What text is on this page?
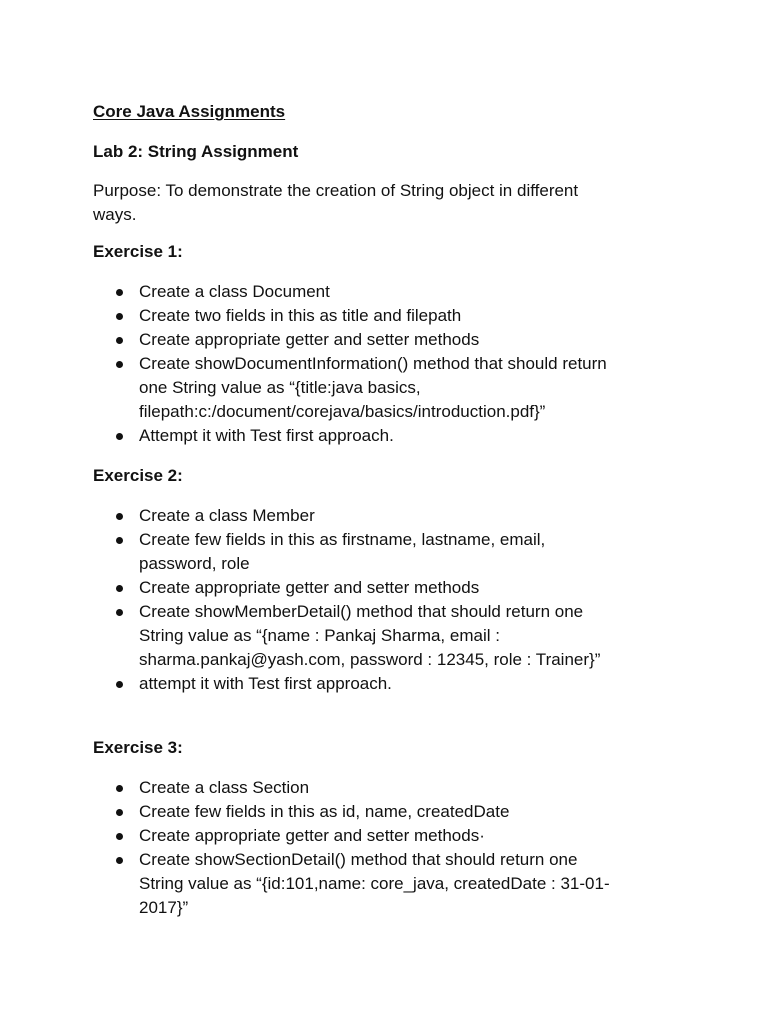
Core Java Assignments
Lab 2: String Assignment
Purpose: To demonstrate the creation of String object in different
ways.
Exercise 1:
Create a class Document
Create two fields in this as title and filepath
Create appropriate getter and setter methods
Create showDocumentInformation() method that should return
one String value as “{title:java basics,
filepath:c:/document/corejava/basics/introduction.pdf}”
Attempt it with Test first approach.
Exercise 2:
Create a class Member
Create few fields in this as firstname, lastname, email,
password, role
Create appropriate getter and setter methods
Create showMemberDetail() method that should return one
String value as “{name : Pankaj Sharma, email :
sharma.pankaj@yash.com, password : 12345, role : Trainer}”
attempt it with Test first approach.
Exercise 3:
Create a class Section
Create few fields in this as id, name, createdDate
Create appropriate getter and setter methods·
Create showSectionDetail() method that should return one
String value as “{id:101,name: core_java, createdDate : 31-01-
2017}”
